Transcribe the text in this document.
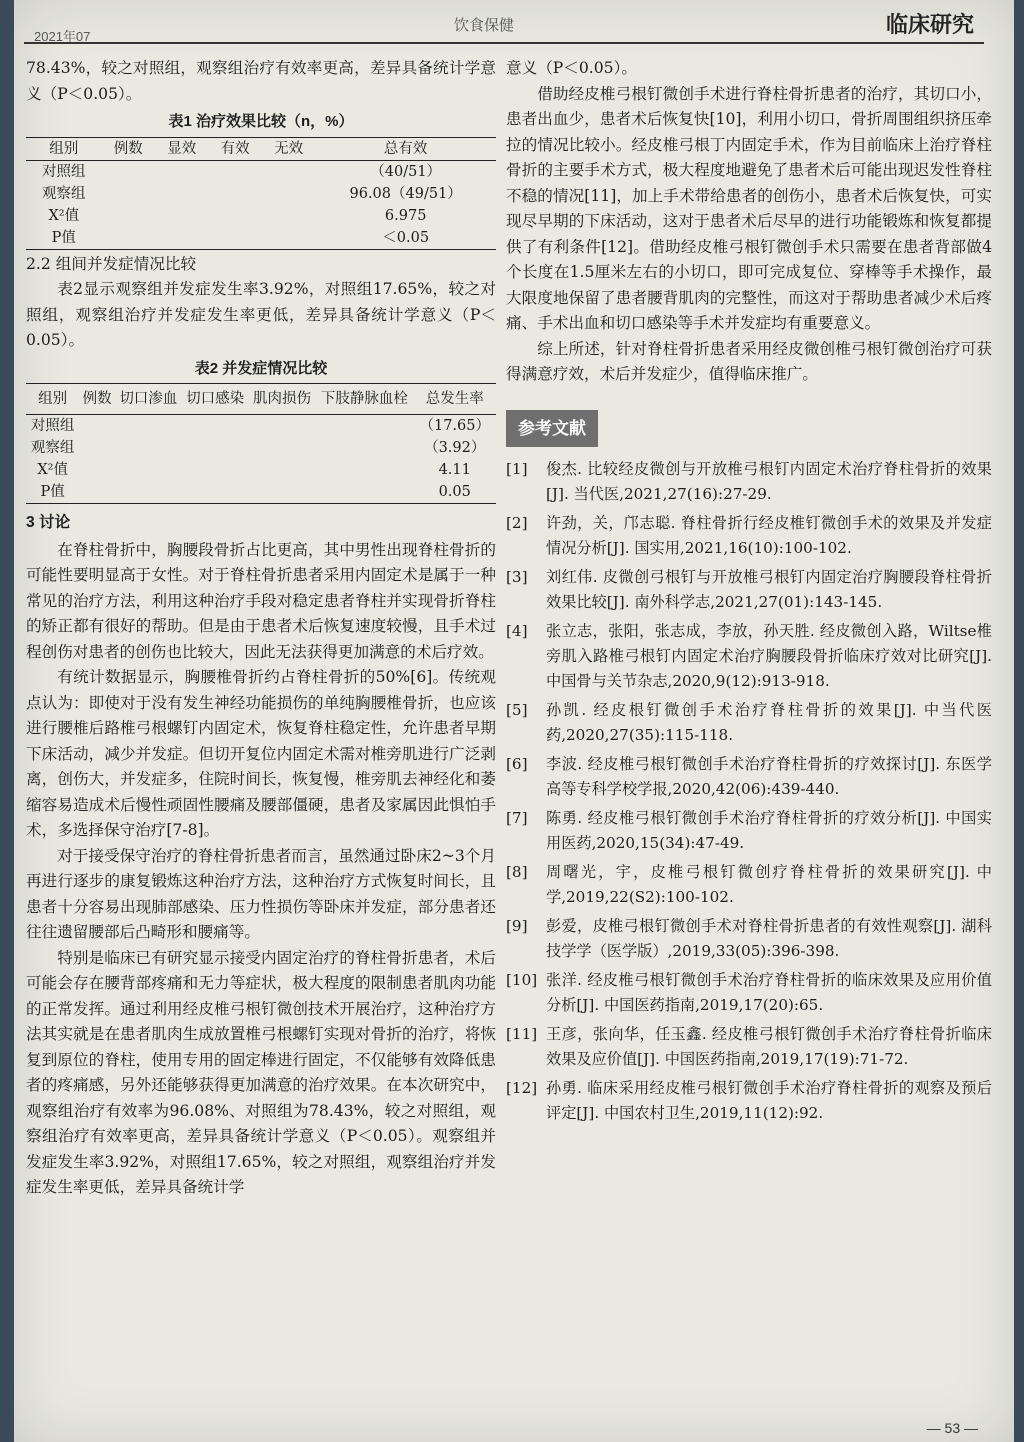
2021年07
饮食保健	临床研究

78.43%，较之对照组，观察组治疗有效率更高，差异具备统计学意义（P＜0.05）。

表1 治疗效果比较（n，%）
组别	例数	显效	有效	无效	总有效
对照组					（40/51）
观察组					96.08（49/51）
X²值					6.975
P值					＜0.05

2.2 组间并发症情况比较

表2显示观察组并发症发生率3.92%，对照组17.65%，较之对照组，观察组治疗并发症发生率更低，差异具备统计学意义（P＜0.05）。

表2 并发症情况比较
组别	例数	切口渗血	切口感染	肌肉损伤	下肢静脉血栓	总发生率
对照组						（17.65）
观察组						（3.92）
X²值						4.11
P值						0.05

3 讨论

在脊柱骨折中，胸腰段骨折占比更高，其中男性出现脊柱骨折的可能性要明显高于女性。对于脊柱骨折患者采用内固定术是属于一种常见的治疗方法，利用这种治疗手段对稳定患者脊柱并实现骨折脊柱的矫正都有很好的帮助。但是由于患者术后恢复速度较慢，且手术过程创伤对患者的创伤也比较大，因此无法获得更加满意的术后疗效。

有统计数据显示，胸腰椎骨折约占脊柱骨折的50%[6]。传统观点认为：即使对于没有发生神经功能损伤的单纯胸腰椎骨折，也应该进行腰椎后路椎弓根螺钉内固定术，恢复脊柱稳定性，允许患者早期下床活动，减少并发症。但切开复位内固定术需对椎旁肌进行广泛剥离，创伤大，并发症多，住院时间长，恢复慢，椎旁肌去神经化和萎缩容易造成术后慢性顽固性腰痛及腰部僵硬，患者及家属因此惧怕手术，多选择保守治疗[7-8]。

对于接受保守治疗的脊柱骨折患者而言，虽然通过卧床2~3个月再进行逐步的康复锻炼这种治疗方法，这种治疗方式恢复时间长，且患者十分容易出现肺部感染、压力性损伤等卧床并发症，部分患者还往往遗留腰部后凸畸形和腰痛等。

特别是临床已有研究显示接受内固定治疗的脊柱骨折患者，术后可能会存在腰背部疼痛和无力等症状，极大程度的限制患者肌肉功能的正常发挥。通过利用经皮椎弓根钉微创技术开展治疗，这种治疗方法其实就是在患者肌肉生成放置椎弓根螺钉实现对骨折的治疗，将恢复到原位的脊柱，使用专用的固定棒进行固定，不仅能够有效降低患者的疼痛感，另外还能够获得更加满意的治疗效果。在本次研究中，观察组治疗有效率为96.08%、对照组为78.43%，较之对照组，观察组治疗有效率更高，差异具备统计学意义（P＜0.05）。观察组并发症发生率3.92%，对照组17.65%，较之对照组，观察组治疗并发症发生率更低，差异具备统计学

意义（P＜0.05）。

借助经皮椎弓根钉微创手术进行脊柱骨折患者的治疗，其切口小，患者出血少，患者术后恢复快[10]，利用小切口，骨折周围组织挤压牵拉的情况比较小。经皮椎弓根丁内固定手术，作为目前临床上治疗脊柱骨折的主要手术方式，极大程度地避免了患者术后可能出现迟发性脊柱不稳的情况[11]，加上手术带给患者的创伤小，患者术后恢复快，可实现尽早期的下床活动，这对于患者术后尽早的进行功能锻炼和恢复都提供了有利条件[12]。借助经皮椎弓根钉微创手术只需要在患者背部做4个长度在1.5厘米左右的小切口，即可完成复位、穿棒等手术操作，最大限度地保留了患者腰背肌肉的完整性，而这对于帮助患者减少术后疼痛、手术出血和切口感染等手术并发症均有重要意义。

综上所述，针对脊柱骨折患者采用经皮微创椎弓根钉微创治疗可获得满意疗效，术后并发症少，值得临床推广。

参考文献
[1]	俊杰. 比较经皮微创与开放椎弓根钉内固定术治疗脊柱骨折的效果[J]. 当代医,2021,27(16):27-29.
[2]	许劲，关，邝志聪. 脊柱骨折行经皮椎钉微创手术的效果及并发症情况分析[J]. 国实用,2021,16(10):100-102.
[3]	刘红伟. 皮微创弓根钉与开放椎弓根钉内固定治疗胸腰段脊柱骨折效果比较[J]. 南外科学志,2021,27(01):143-145.
[4]	张立志，张阳，张志成，李放，孙天胜. 经皮微创入路，Wiltse椎旁肌入路椎弓根钉内固定术治疗胸腰段骨折临床疗效对比研究[J]. 中国骨与关节杂志,2020,9(12):913-918.
[5]	孙凯. 经皮根钉微创手术治疗脊柱骨折的效果[J]. 中当代医药,2020,27(35):115-118.
[6]	李波. 经皮椎弓根钉微创手术治疗脊柱骨折的疗效探讨[J]. 东医学高等专科学校学报,2020,42(06):439-440.
[7]	陈勇. 经皮椎弓根钉微创手术治疗脊柱骨折的疗效分析[J]. 中国实用医药,2020,15(34):47-49.
[8]	周曙光，宇，皮椎弓根钉微创疗脊柱骨折的效果研究[J]. 中学,2019,22(S2):100-102.
[9]	彭爱，皮椎弓根钉微创手术对脊柱骨折患者的有效性观察[J]. 湖科技学学（医学版）,2019,33(05):396-398.
[10] 张洋. 经皮椎弓根钉微创手术治疗脊柱骨折的临床效果及应用价值分析[J]. 中国医药指南,2019,17(20):65.
[11] 王彦，张向华，任玉鑫. 经皮椎弓根钉微创手术治疗脊柱骨折临床效果及应价值[J]. 中国医药指南,2019,17(19):71-72.
[12] 孙勇. 临床采用经皮椎弓根钉微创手术治疗脊柱骨折的观察及预后评定[J]. 中国农村卫生,2019,11(12):92.
— 53 —
